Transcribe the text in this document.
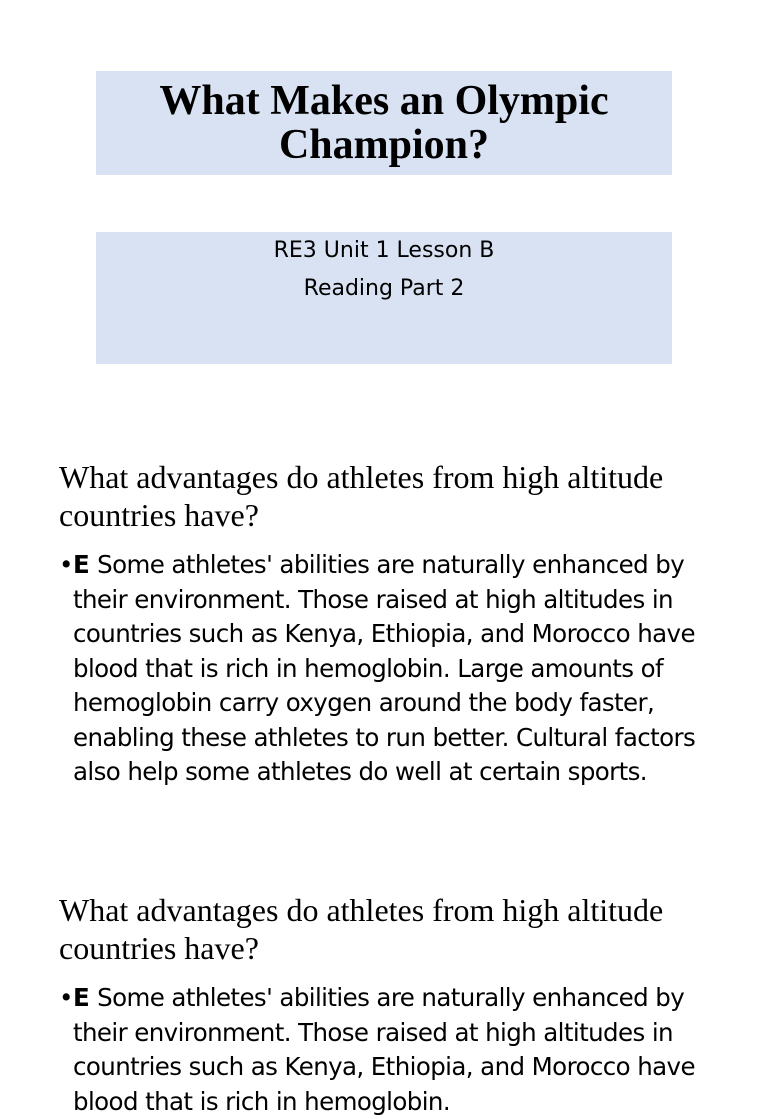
What Makes an Olympic Champion?
RE3 Unit 1 Lesson B
Reading Part 2

What advantages do athletes from high altitude countries have?

• E Some athletes' abilities are naturally enhanced by their environment. Those raised at high altitudes in countries such as Kenya, Ethiopia, and Morocco have blood that is rich in hemoglobin. Large amounts of hemoglobin carry oxygen around the body faster, enabling these athletes to run better. Cultural factors also help some athletes do well at certain sports.

What advantages do athletes from high altitude countries have?

• E Some athletes' abilities are naturally enhanced by their environment. Those raised at high altitudes in countries such as Kenya, Ethiopia, and Morocco have blood that is rich in hemoglobin.
